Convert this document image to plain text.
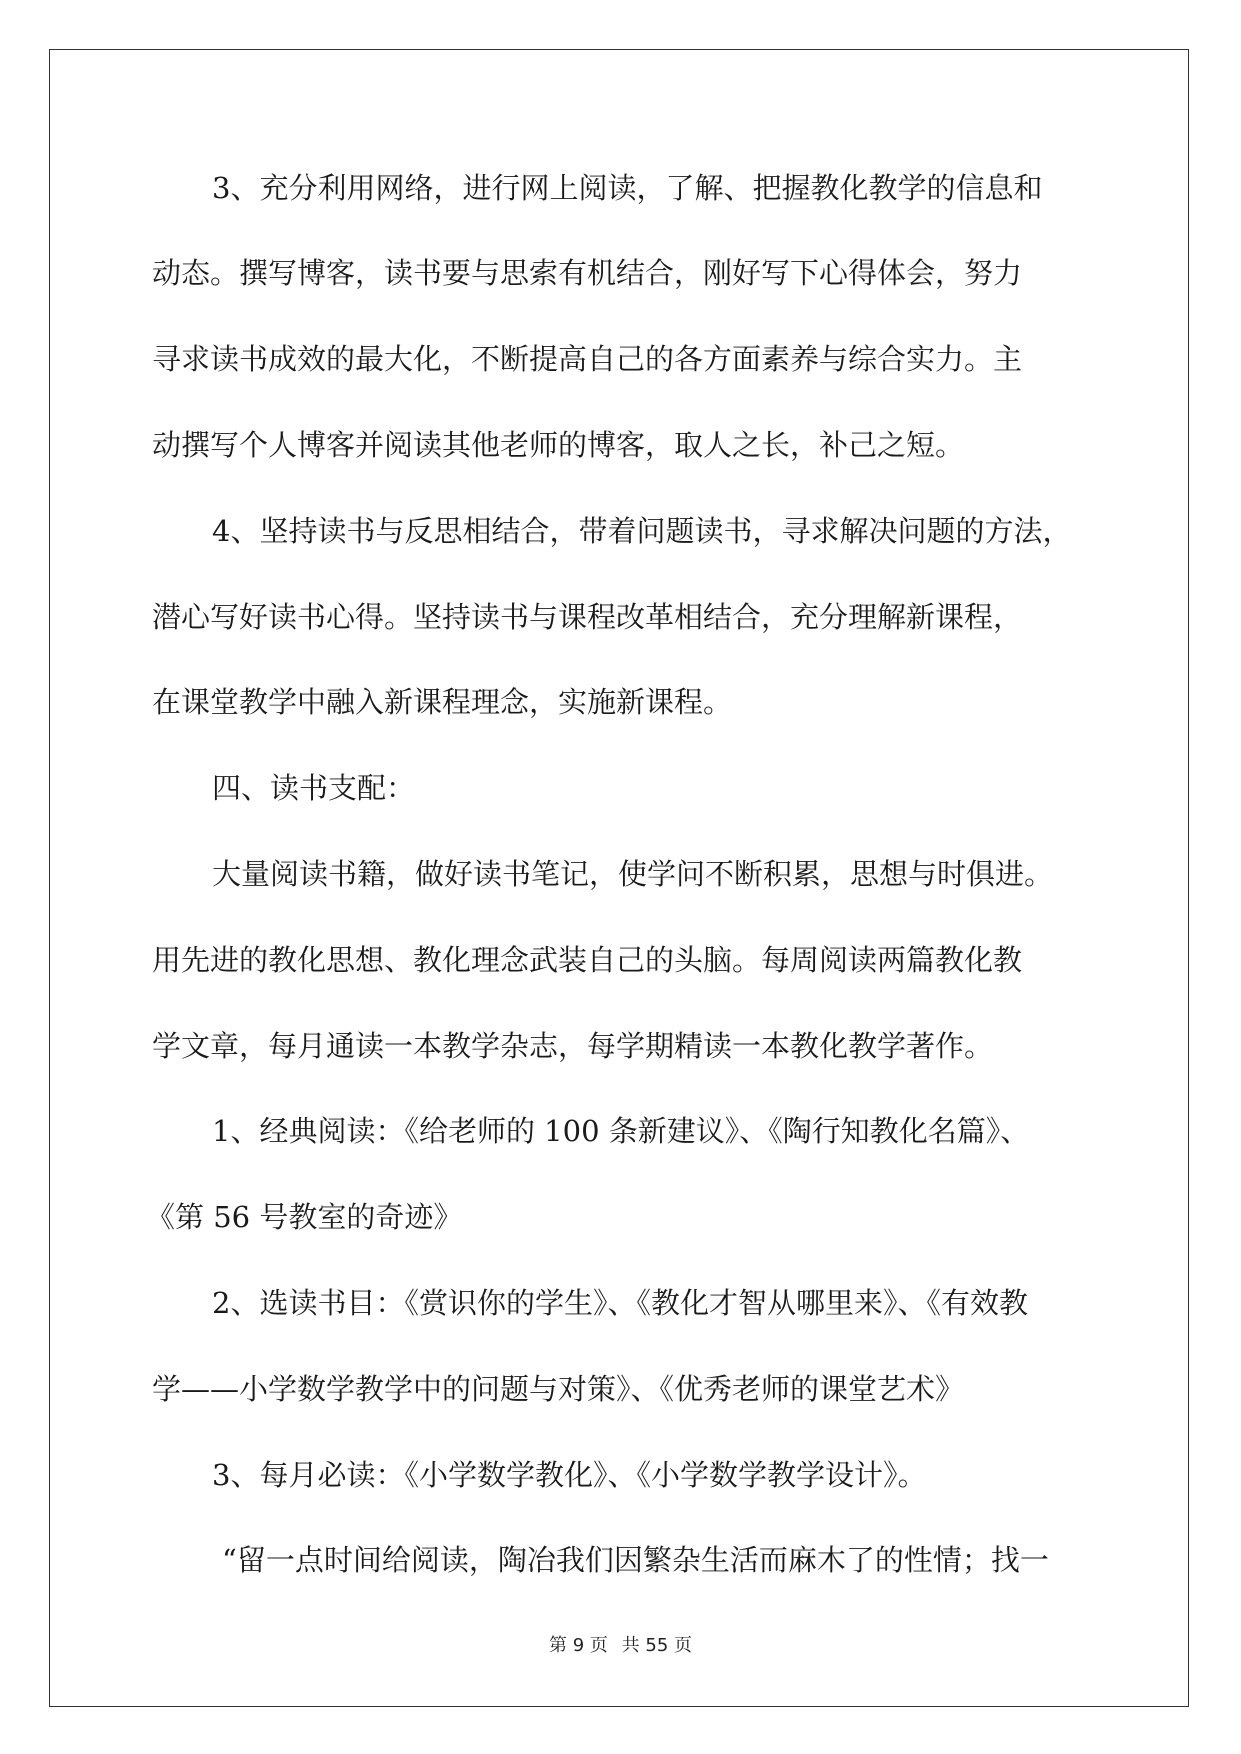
3、充分利用网络，进行网上阅读，了解、把握教化教学的信息和
动态。撰写博客，读书要与思索有机结合，刚好写下心得体会，努力
寻求读书成效的最大化，不断提高自己的各方面素养与综合实力。主
动撰写个人博客并阅读其他老师的博客，取人之长，补己之短。
4、坚持读书与反思相结合，带着问题读书，寻求解决问题的方法，
潜心写好读书心得。坚持读书与课程改革相结合，充分理解新课程，
在课堂教学中融入新课程理念，实施新课程。
四、读书支配：
大量阅读书籍，做好读书笔记，使学问不断积累，思想与时俱进。
用先进的教化思想、教化理念武装自己的头脑。每周阅读两篇教化教
学文章，每月通读一本教学杂志，每学期精读一本教化教学著作。
1、经典阅读：《给老师的 100 条新建议》、《陶行知教化名篇》、
《第 56 号教室的奇迹》
2、选读书目：《赏识你的学生》、《教化才智从哪里来》、《有效教
学——小学数学教学中的问题与对策》、《优秀老师的课堂艺术》
3、每月必读：《小学数学教化》、《小学数学教学设计》。
“留一点时间给阅读，陶冶我们因繁杂生活而麻木了的性情；找一
第 9 页 共 55 页
